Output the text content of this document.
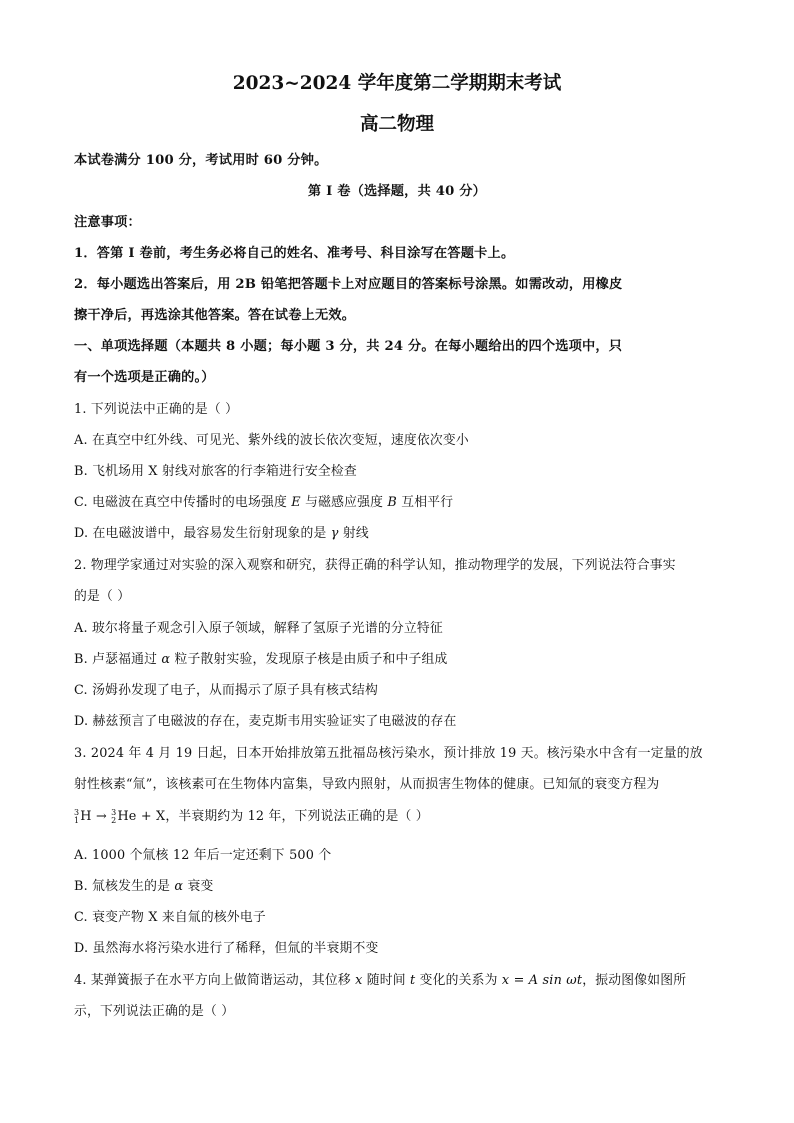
2023~2024 学年度第二学期期末考试
高二物理
本试卷满分 100 分，考试用时 60 分钟。
第 I 卷（选择题，共 40 分）
注意事项：
1．答第 I 卷前，考生务必将自己的姓名、准考号、科目涂写在答题卡上。
2．每小题选出答案后，用 2B 铅笔把答题卡上对应题目的答案标号涂黑。如需改动，用橡皮
擦干净后，再选涂其他答案。答在试卷上无效。
一、单项选择题（本题共 8 小题；每小题 3 分，共 24 分。在每小题给出的四个选项中，只
有一个选项是正确的。）
1. 下列说法中正确的是（ ）
A. 在真空中红外线、可见光、紫外线的波长依次变短，速度依次变小
B. 飞机场用 X 射线对旅客的行李箱进行安全检查
C. 电磁波在真空中传播时的电场强度 E 与磁感应强度 B 互相平行
D. 在电磁波谱中，最容易发生衍射现象的是 γ 射线
2. 物理学家通过对实验的深入观察和研究，获得正确的科学认知，推动物理学的发展，下列说法符合事实
的是（ ）
A. 玻尔将量子观念引入原子领域，解释了氢原子光谱的分立特征
B. 卢瑟福通过 α 粒子散射实验，发现原子核是由质子和中子组成
C. 汤姆孙发现了电子，从而揭示了原子具有核式结构
D. 赫兹预言了电磁波的存在，麦克斯韦用实验证实了电磁波的存在
3. 2024 年 4 月 19 日起，日本开始排放第五批福岛核污染水，预计排放 19 天。核污染水中含有一定量的放
射性核素“氚”，该核素可在生物体内富集，导致内照射，从而损害生物体的健康。已知氚的衰变方程为
3
1 H → 3
2 He + X，半衰期约为 12 年，下列说法正确的是（ ）
A. 1000 个氚核 12 年后一定还剩下 500 个
B. 氚核发生的是 α 衰变
C. 衰变产物 X 来自氚的核外电子
D. 虽然海水将污染水进行了稀释，但氚的半衰期不变
4. 某弹簧振子在水平方向上做简谐运动，其位移 x 随时间 t 变化的关系为 x = A sin ωt，振动图像如图所
示，下列说法正确的是（ ）
